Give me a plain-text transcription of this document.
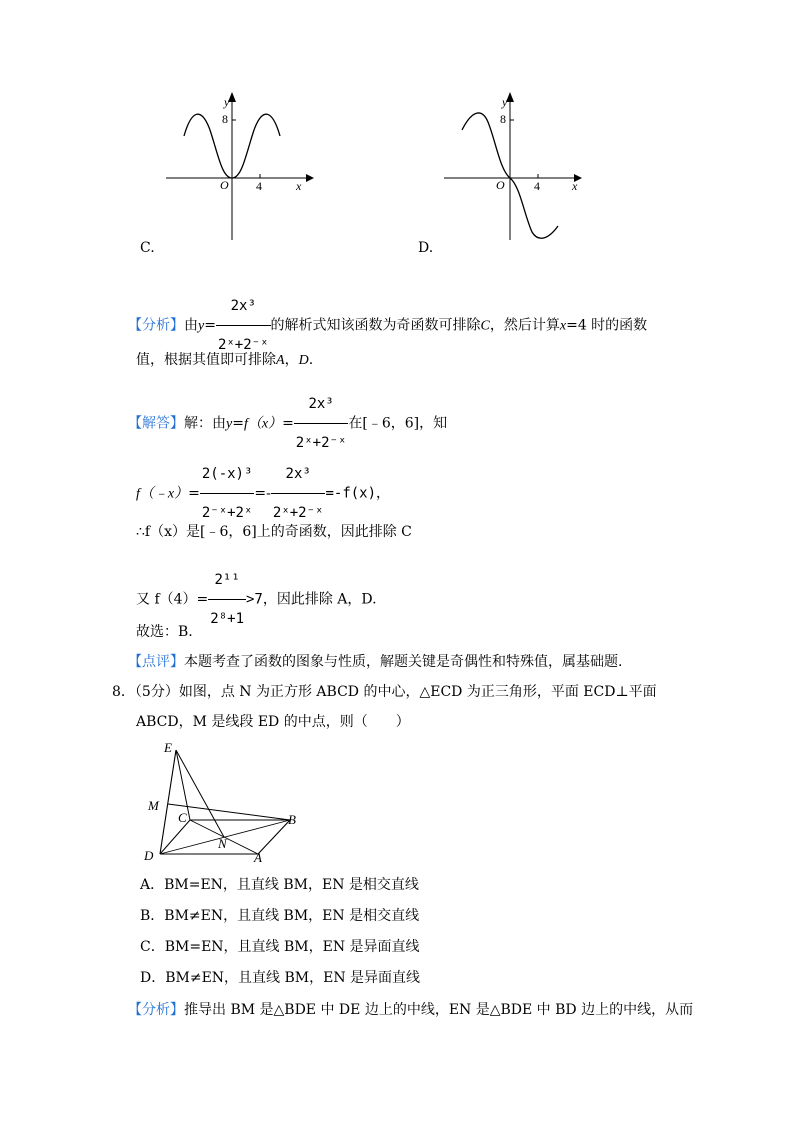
y
8
O 4	x
C.
y
8
O 4	x
D.
【分析】由$y= \frac{\text{2x³}}{\text{2ˣ+2⁻ˣ}}$ 的解析式知该函数为奇函数可排除C，然后计算x=4 时的函数
值，根据其值即可排除A，D.
【解答】解：由$y=f(x)= \frac{\text{2x³}}{\text{2ˣ+2⁻ˣ}}$ 在[﹣6，6]，知
f（﹣x）= $\frac{\text{2(-x)³}}{\text{2⁻ˣ+2ˣ}} =- \frac{\text{2x³}}{\text{2ˣ+2⁻ˣ}} =-f(x)$，
∴f（x）是[﹣6，6]上的奇函数，因此排除 C
又 $f(4)= \frac{\text{2¹¹}}{\text{2⁸+1}} >7$，因此排除 A，D.
故选：B.
【点评】本题考查了函数的图象与性质，解题关键是奇偶性和特殊值，属基础题.
8．（5分）如图，点 N 为正方形 ABCD 的中心，△ECD 为正三角形，平面 ECD⊥平面
ABCD，M 是线段 ED 的中点，则（　　）
E
M
C	B
N
D	A
A．BM=EN，且直线 BM，EN 是相交直线
B．BM≠EN，且直线 BM，EN 是相交直线
C．BM=EN，且直线 BM，EN 是异面直线
D．BM≠EN，且直线 BM，EN 是异面直线
【分析】推导出 BM 是△BDE 中 DE 边上的中线，EN 是△BDE 中 BD 边上的中线，从而
